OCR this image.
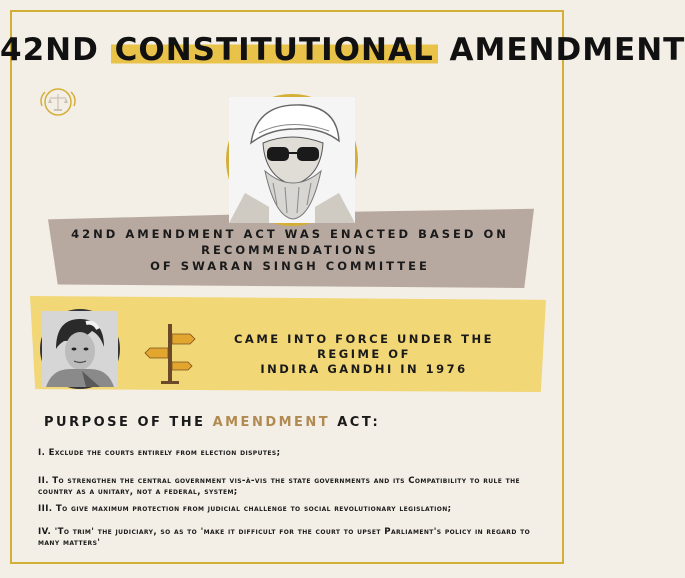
42ND CONSTITUTIONAL AMENDMENT

42ND AMENDMENT ACT WAS ENACTED BASED ON RECOMMENDATIONS
OF SWARAN SINGH COMMITTEE

CAME INTO FORCE UNDER THE REGIME OF
INDIRA GANDHI IN 1976

PURPOSE OF THE AMENDMENT ACT:
I. Exclude the courts entirely from election disputes;
II. To strengthen the central government vis-à-vis the state governments and its Compatibility to rule the country as a unitary, not a federal, system;
III. To give maximum protection from judicial challenge to social revolutionary legislation;
IV. 'To trim' the judiciary, so as to 'make it difficult for the court to upset Parliament's policy in regard to many matters'
